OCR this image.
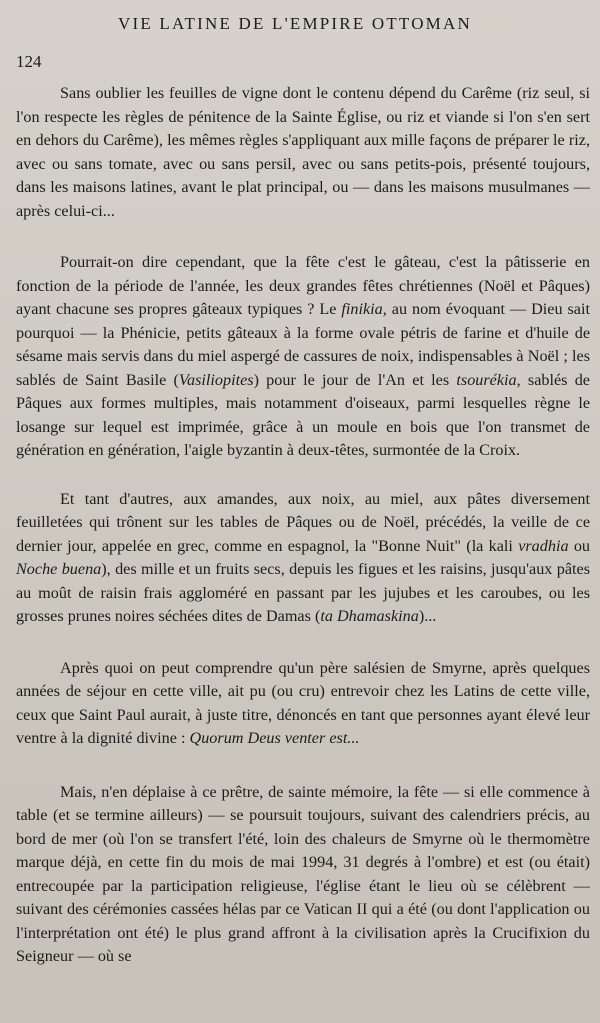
124
VIE LATINE DE L'EMPIRE OTTOMAN

Sans oublier les feuilles de vigne dont le contenu dépend du Carême (riz seul, si l'on respecte les règles de pénitence de la Sainte Église, ou riz et viande si l'on s'en sert en dehors du Carême), les mêmes règles s'appliquant aux mille façons de préparer le riz, avec ou sans tomate, avec ou sans persil, avec ou sans petits-pois, présenté toujours, dans les maisons latines, avant le plat principal, ou — dans les maisons musulmanes — après celui-ci...

Pourrait-on dire cependant, que la fête c'est le gâteau, c'est la pâtisserie en fonction de la période de l'année, les deux grandes fêtes chrétiennes (Noël et Pâques) ayant chacune ses propres gâteaux typiques ? Le finikia, au nom évoquant — Dieu sait pourquoi — la Phénicie, petits gâteaux à la forme ovale pétris de farine et d'huile de sésame mais servis dans du miel aspergé de cassures de noix, indispensables à Noël ; les sablés de Saint Basile (Vasiliopites) pour le jour de l'An et les tsourékia, sablés de Pâques aux formes multiples, mais notamment d'oiseaux, parmi lesquelles règne le losange sur lequel est imprimée, grâce à un moule en bois que l'on transmet de génération en génération, l'aigle byzantin à deux-têtes, surmontée de la Croix.

Et tant d'autres, aux amandes, aux noix, au miel, aux pâtes diversement feuilletées qui trônent sur les tables de Pâques ou de Noël, précédés, la veille de ce dernier jour, appelée en grec, comme en espagnol, la "Bonne Nuit" (la kali vradhia ou Noche buena), des mille et un fruits secs, depuis les figues et les raisins, jusqu'aux pâtes au moût de raisin frais aggloméré en passant par les jujubes et les caroubes, ou les grosses prunes noires séchées dites de Damas (ta Dhamaskina)...

Après quoi on peut comprendre qu'un père salésien de Smyrne, après quelques années de séjour en cette ville, ait pu (ou cru) entrevoir chez les Latins de cette ville, ceux que Saint Paul aurait, à juste titre, dénoncés en tant que personnes ayant élevé leur ventre à la dignité divine : Quorum Deus venter est...

Mais, n'en déplaise à ce prêtre, de sainte mémoire, la fête — si elle commence à table (et se termine ailleurs) — se poursuit toujours, suivant des calendriers précis, au bord de mer (où l'on se transfert l'été, loin des chaleurs de Smyrne où le thermomètre marque déjà, en cette fin du mois de mai 1994, 31 degrés à l'ombre) et est (ou était) entrecoupée par la participation religieuse, l'église étant le lieu où se célèbrent — suivant des cérémonies cassées hélas par ce Vatican II qui a été (ou dont l'application ou l'interprétation ont été) le plus grand affront à la civilisation après la Crucifixion du Seigneur — où se
